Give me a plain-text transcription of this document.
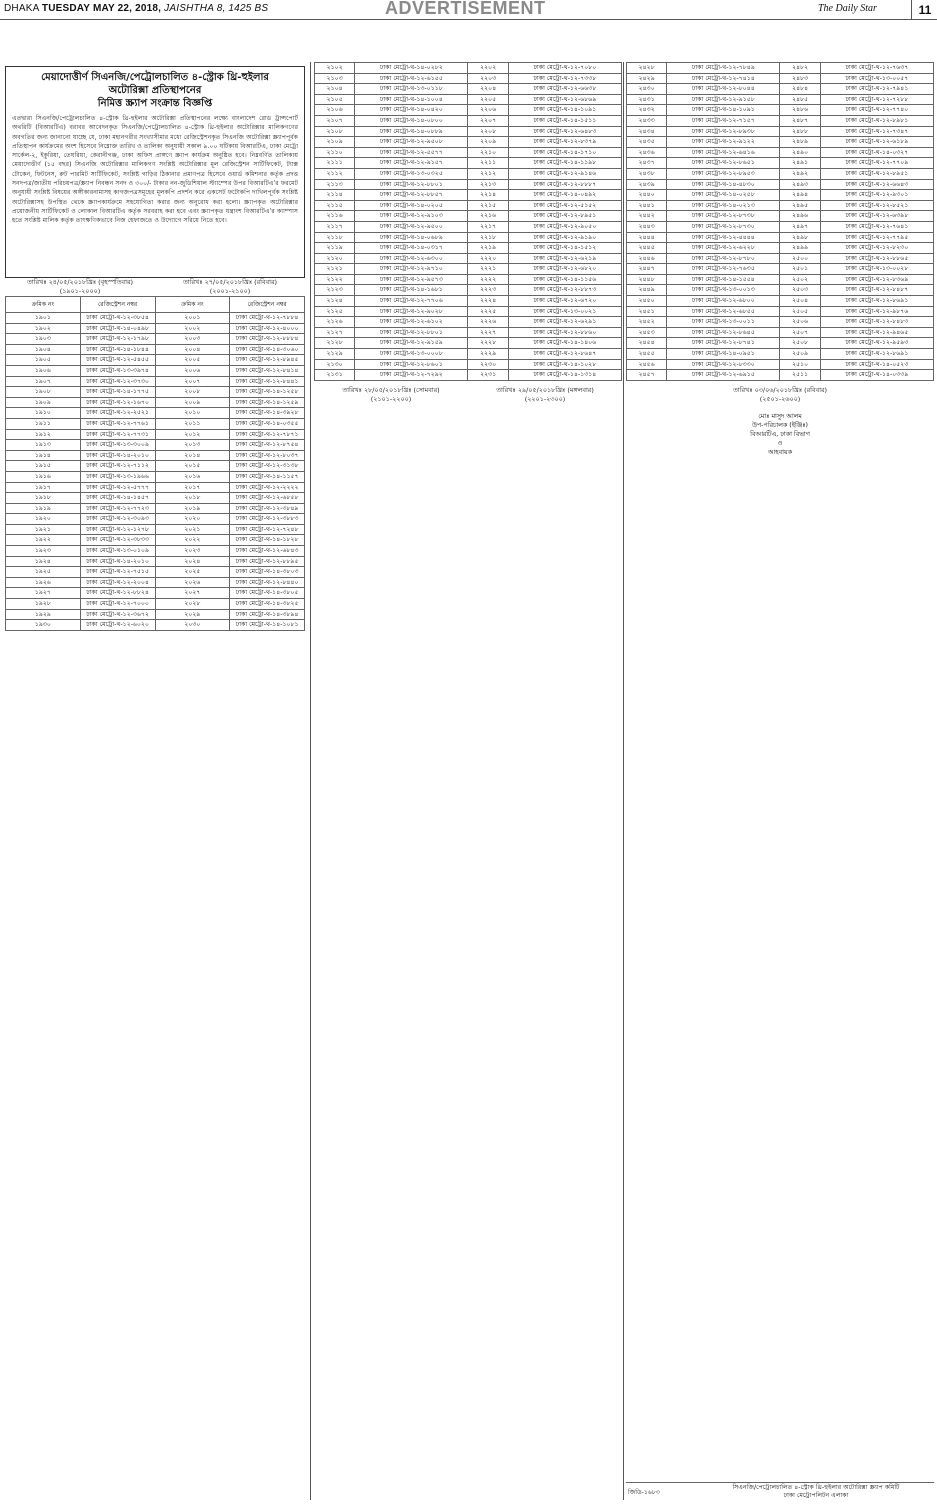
DHAKA TUESDAY MAY 22, 2018, JAISHTHA 8, 1425 BS	ADVERTISEMENT	The Daily Star	11
মেয়াদোত্তীর্ণ সিএনজি/পেট্রোলচালিত ৪-স্ট্রোক থ্রি-হুইলার
অটোরিক্সা প্রতিস্থাপনের
নিমিত্ত স্ক্র্যাপ সংক্রান্ত বিজ্ঞপ্তি
এতদ্বারা সিএনজি/পেট্রোলচালিত ৪-স্ট্রোক থ্রি-হুইলার অটোরিক্সা প্রতিস্থাপনের লক্ষ্যে বাংলাদেশ রোড ট্রান্সপোর্ট অথরিটি (বিআরটিএ) বরাবর আবেদনকৃত সিএনজি/পেট্রোলচালিত ৪-স্ট্রোক থ্রি-হুইলার অটোরিক্সার মালিকগণের অবগতির জন্য জানানো যাচ্ছে যে, ঢাকা মহানগরীর সংখ্যাসীমার মধ্যে রেজিস্ট্রেশনকৃত সিএনজি অটোরিক্সা স্ক্র্যাপপূর্বক প্রতিস্থাপন কার্যক্রমের অংশ হিসেবে নিম্নোক্ত তারিখ ও তালিকা অনুযায়ী সকাল ৯.০০ ঘটিকায় বিআরটিএ, ঢাকা মেট্রো সার্কেল-২, ইকুরিয়া, তেঘরিয়া, কেরানীগঞ্জ, ঢাকা অফিস প্রাঙ্গণে স্ক্র্যাপ কার্যক্রম অনুষ্ঠিত হবে। নিম্নবর্ণিত তালিকায় মেয়াদোত্তীর্ণ (১৫ বছর) সিএনজি অটোরিক্সার মালিকগণ সংশ্লিষ্ট অটোরিক্সার মূল রেজিস্ট্রেশন সার্টিফিকেট, ট্যাক্স টোকেন, ফিটনেস, রুট পারমিট সার্টিফিকেট, সংশ্লিষ্ট গাড়ির ঠিকানার প্রমাণপত্র হিসেবে ওয়ার্ড কমিশনার কর্তৃক প্রদত্ত সনদপত্র/জাতীয় পরিচয়পত্র/স্ক্র্যাপ নিবন্ধন সনদ ও ৩০০/- টাকার নন-জুডিশিয়াল স্ট্যাম্পের উপর বিআরটিএ'র ফরমেট অনুযায়ী সংশ্লিষ্ট বিষয়ের অঙ্গীকারনামাসহ কাগজপত্রসমূহের মূলকপি প্রদর্শন করে একসেট ফটোকপি দাখিলপূর্বক সংশ্লিষ্ট অটোরিক্সাসহ উপস্থিত থেকে স্ক্র্যাপকার্যক্রমে সহযোগিতা করার জন্য অনুরোধ করা হলো। স্ক্র্যাপকৃত অটোরিক্সার প্রয়োজনীয় সার্টিফিকেট ও লোকাল বিআরটিএ কর্তৃক সরবরাহ করা হবে এবং স্ক্র্যাপকৃত যন্ত্রাংশ বিআরটিএ'র ক্যাম্পাস হতে সংশ্লিষ্ট মালিক কর্তৃক তাৎক্ষণিকভাবে নিজ হেফাজতে ও উদ্যোগে সরিয়ে নিতে হবে।
তারিখঃ ২৪/০৫/২০১৮খ্রিঃ (বৃহস্পতিবার)	তারিখঃ ২৭/০৫/২০১৮খ্রিঃ (রবিবার)
(১৯০১-২০০০)	(২০০১-২১০০)
ক্রমিক নং	রেজিস্ট্রেশন নম্বর	ক্রমিক নং	রেজিস্ট্রেশন নম্বর
১৯০১	ঢাকা মেট্রো-থ-১২-৩৮৫৪	২০০১	ঢাকা মেট্রো-থ-১২-৭৮৮৪
১৯০২	ঢাকা মেট্রো-থ-১৪-০৪৯৮	২০০২	ঢাকা মেট্রো-থ-১২-৪০০০
১৯০৩	ঢাকা মেট্রো-থ-১২-১৭৯৮	২০০৩	ঢাকা মেট্রো-থ-১২-৮৮৮৪
১৯০৪	ঢাকা মেট্রো-থ-১৪-১৮৪৪	২০০৪	ঢাকা মেট্রো-থ-১৪-৩০৬০
১৯০৫	ঢাকা মেট্রো-থ-১২-৫৪৫৫	২০০৫	ঢাকা মেট্রো-থ-১২-৮৯৪৫
১৯০৬	ঢাকা মেট্রো-থ-১৩-৩৯৭৪	২০০৬	ঢাকা মেট্রো-থ-১২-৮৪১৪
১৯০৭	ঢাকা মেট্রো-থ-১২-৩৭৩০	২০০৭	ঢাকা মেট্রো-থ-১২-৮৪৪১
১৯০৮	ঢাকা মেট্রো-থ-১৪-১৭৭৫	২০০৮	ঢাকা মেট্রো-থ-১৪-১২৫৮
১৯০৯	ঢাকা মেট্রো-থ-১২-১৬৭০	২০০৯	ঢাকা মেট্রো-থ-১৪-১২৫৯
১৯১০	ঢাকা মেট্রো-থ-১২-২৫২১	২০১০	ঢাকা মেট্রো-থ-১৪-৩৯২৮
১৯১১	ঢাকা মেট্রো-থ-১২-৭৭৬১	২০১১	ঢাকা মেট্রো-থ-১৪-০৩৫৫
১৯১২	ঢাকা মেট্রো-থ-১২-৭৭৩১	২০১২	ঢাকা মেট্রো-থ-১২-৭৮৭১
১৯১৩	ঢাকা মেট্রো-থ-১৩-৩০০৯	২০১৩	ঢাকা মেট্রো-থ-১২-৮৭৫৪
১৯১৪	ঢাকা মেট্রো-থ-১৪-২০১০	২০১৪	ঢাকা মেট্রো-থ-১২-৮০৩৭
১৯১৫	ঢাকা মেট্রো-থ-১২-৭১১২	২০১৫	ঢাকা মেট্রো-থ-১২-৩১৩৮
১৯১৬	ঢাকা মেট্রো-থ-১৩-১৯৬৬	২০১৬	ঢাকা মেট্রো-থ-১৪-১১৫৭
১৯১৭	ঢাকা মেট্রো-থ-১২-৫৭৭৭	২০১৭	ঢাকা মেট্রো-থ-১২-২২২২
১৯১৮	ঢাকা মেট্রো-থ-১৪-১৪৫৭	২০১৮	ঢাকা মেট্রো-থ-১২-৬৮৫৮
১৯১৯	ঢাকা মেট্রো-থ-১২-৭৭২৩	২০১৯	ঢাকা মেট্রো-থ-১২-৩৮৪৯
১৯২০	ঢাকা মেট্রো-থ-১২-৩০৯৩	২০২০	ঢাকা মেট্রো-থ-১২-৩৮৮৩
১৯২১	ঢাকা মেট্রো-থ-১২-১২৭৮	২০২১	ঢাকা মেট্রো-থ-১২-৭২৪৮
১৯২২	ঢাকা মেট্রো-থ-১২-৩৮৩৩	২০২২	ঢাকা মেট্রো-থ-১৪-১৮২৮
১৯২৩	ঢাকা মেট্রো-থ-১৩-০১০৯	২০২৩	ঢাকা মেট্রো-থ-১২-৬৮৪৩
১৯২৪	ঢাকা মেট্রো-থ-১৪-২০১০	২০২৪	ঢাকা মেট্রো-থ-১২-৮৮৯৫
১৯২৫	ঢাকা মেট্রো-থ-১২-৭৫১৫	২০২৫	ঢাকা মেট্রো-থ-১৪-৩৮০৩
১৯২৬	ঢাকা মেট্রো-থ-১২-২০০৪	২০২৬	ঢাকা মেট্রো-থ-১২-৮৪৪০
১৯২৭	ঢাকা মেট্রো-থ-১২-৮৮২৪	২০২৭	ঢাকা মেট্রো-থ-১৪-৩৮০৫
১৯২৮	ঢাকা মেট্রো-থ-১২-৭০০০	২০২৮	ঢাকা মেট্রো-থ-১৪-৩৮২৫
১৯২৯	ঢাকা মেট্রো-থ-১২-৩৬৭২	২০২৯	ঢাকা মেট্রো-থ-১৪-৩৮৯৪
১৯৩০	ঢাকা মেট্রো-থ-১২-৬০২০	২০৩০	ঢাকা মেট্রো-থ-১৪-১০৮১
২১০২	ঢাকা মেট্রো-থ-১৪-০২৮২	২২০২	ঢাকা মেট্রো-থ-১২-৭০৮০
২১০৩	ঢাকা মেট্রো-থ-১২-৬১৫৫	২২০৩	ঢাকা মেট্রো-থ-১২-৭৩৩৮
২১০৪	ঢাকা মেট্রো-থ-১৩-০১১৮	২২০৪	ঢাকা মেট্রো-থ-১২-৬৬৩৮
২১০৫	ঢাকা মেট্রো-থ-১৪-১০০৪	২২০৫	ঢাকা মেট্রো-থ-১২-৬৮৬৯
২১০৬	ঢাকা মেট্রো-থ-১৪-০৪২০	২২০৬	ঢাকা মেট্রো-থ-১৪-১০৯১
২১০৭	ঢাকা মেট্রো-থ-১৪-০৮০০	২২০৭	ঢাকা মেট্রো-থ-১৪-১৫১১
২১০৮	ঢাকা মেট্রো-থ-১৪-০৮৮৯	২২০৮	ঢাকা মেট্রো-থ-১২-৬৪৮৩
২১০৯	ঢাকা মেট্রো-থ-১২-৯৫০৮	২২০৯	ঢাকা মেট্রো-থ-১২-৮৩৭৯
২১১০	ঢাকা মেট্রো-থ-১২-৫৫৭৭	২২১০	ঢাকা মেট্রো-থ-১৪-১৭১০
২১১১	ঢাকা মেট্রো-থ-১২-৯১৫৭	২২১১	ঢাকা মেট্রো-থ-১৪-১১৯৮
২১১২	ঢাকা মেট্রো-থ-১৩-০৩২৫	২২১২	ঢাকা মেট্রো-থ-১২-৯১৪৬
২১১৩	ঢাকা মেট্রো-থ-১২-৮৮০১	২২১৩	ঢাকা মেট্রো-থ-১২-৮৮৮৭
২১১৪	ঢাকা মেট্রো-থ-১২-৮৮৫৭	২২১৪	ঢাকা মেট্রো-থ-১৪-০৪৯২
২১১৫	ঢাকা মেট্রো-থ-১৪-০২০৫	২২১৫	ঢাকা মেট্রো-থ-১২-৫১৫২
২১১৬	ঢাকা মেট্রো-থ-১২-৯১০৩	২২১৬	ঢাকা মেট্রো-থ-১২-৮৯৫১
২১১৭	ঢাকা মেট্রো-থ-১২-৯৫০০	২২১৭	ঢাকা মেট্রো-থ-১২-৯০৫০
২১১৮	ঢাকা মেট্রো-থ-১৪-০৬৮৯	২২১৮	ঢাকা মেট্রো-থ-১২-৯১৯০
২১১৯	ঢাকা মেট্রো-থ-১৪-০৩১৭	২২১৯	ঢাকা মেট্রো-থ-১৪-১৫১২
২১২০	ঢাকা মেট্রো-থ-১২-৬৩০০	২২২০	ঢাকা মেট্রো-থ-১২-৬২১৯
২১২১	ঢাকা মেট্রো-থ-১২-৯৭১০	২২২১	ঢাকা মেট্রো-থ-১২-৬৮২০
২১২২	ঢাকা মেট্রো-থ-১২-৯৫৭৩	২২২২	ঢাকা মেট্রো-থ-১৪-১১৫৬
২১২৩	ঢাকা মেট্রো-থ-১৪-১৬৮১	২২২৩	ঢাকা মেট্রো-থ-১২-৮৮৭৩
২১২৪	ঢাকা মেট্রো-থ-১২-৭৭০৬	২২২৪	ঢাকা মেট্রো-থ-১২-৬৭২০
২১২৫	ঢাকা মেট্রো-থ-১২-৯০২৮	২২২৫	ঢাকা মেট্রো-থ-১৩-০০২১
২১২৬	ঢাকা মেট্রো-থ-১২-৬১০২	২২২৬	ঢাকা মেট্রো-থ-১২-৬২৯১
২১২৭	ঢাকা মেট্রো-থ-১২-৮৮০১	২২২৭	ঢাকা মেট্রো-থ-১২-৮৮৬০
২১২৮	ঢাকা মেট্রো-থ-১২-৯১৫৯	২২২৮	ঢাকা মেট্রো-থ-১৪-১৪০৬
২১২৯	ঢাকা মেট্রো-থ-১৩-০০০৮	২২২৯	ঢাকা মেট্রো-থ-১২-৮৬৪৭
২১৩০	ঢাকা মেট্রো-থ-১২-৮৬০১	২২৩০	ঢাকা মেট্রো-থ-১৪-১০২৮
২১৩১	ঢাকা মেট্রো-থ-১২-৭২৯২	২২৩১	ঢাকা মেট্রো-থ-১৪-১৩১৪
তারিখঃ ২৮/০৫/২০১৮খ্রিঃ (সোমবার)	তারিখঃ ২৯/০৫/২০১৮খ্রিঃ (মঙ্গলবার)
(২১০১-২২০০)	(২২০১-২৩০০)
২৪২৮	ঢাকা মেট্রো-থ-১২-৭৮৪৯	২৪৮২	ঢাকা মেট্রো-থ-১২-৭৬৩৭
২৪২৯	ঢাকা মেট্রো-থ-১২-৭৪১৪	২৪৮৩	ঢাকা মেট্রো-থ-১৩-০০৫৭
২৪৩০	ঢাকা মেট্রো-থ-১২-৮০৪৪	২৪৮৪	ঢাকা মেট্রো-থ-১২-৭৯৪১
২৪৩১	ঢাকা মেট্রো-থ-১২-৯১৫৮	২৪৮৫	ঢাকা মেট্রো-থ-১২-৭২৮৮
২৪৩২	ঢাকা মেট্রো-থ-১৪-১০৯১	২৪৮৬	ঢাকা মেট্রো-থ-১২-৭৭৪০
২৪৩৩	ঢাকা মেট্রো-থ-১২-৭১৫৭	২৪৮৭	ঢাকা মেট্রো-থ-১২-৮৯৮১
২৪৩৪	ঢাকা মেট্রো-থ-১২-৮৯৩৮	২৪৮৮	ঢাকা মেট্রো-থ-১২-৭৩৪৭
২৪৩৫	ঢাকা মেট্রো-থ-১২-৯১২২	২৪৮৯	ঢাকা মেট্রো-থ-১২-৬১৮৯
২৪৩৬	ঢাকা মেট্রো-থ-১২-৬৪১৬	২৪৯০	ঢাকা মেট্রো-থ-১৪-০৩২৭
২৪৩৭	ঢাকা মেট্রো-থ-১২-৮৬৫১	২৪৯১	ঢাকা মেট্রো-থ-১২-৭৭০৯
২৪৩৮	ঢাকা মেট্রো-থ-১২-৮৯৫৩	২৪৯২	ঢাকা মেট্রো-থ-১২-৮৯৫১
২৪৩৯	ঢাকা মেট্রো-থ-১৪-৪৮৩০	২৪৯৩	ঢাকা মেট্রো-থ-১২-৬৬৪৩
২৪৪০	ঢাকা মেট্রো-থ-১৪-০২৫৮	২৪৯৪	ঢাকা মেট্রো-থ-১২-৯৩০১
২৪৪১	ঢাকা মেট্রো-থ-১৪-০২১৩	২৪৯৫	ঢাকা মেট্রো-থ-১২-৮৫২১
২৪৪২	ঢাকা মেট্রো-থ-১২-৮৭৩৮	২৪৯৬	ঢাকা মেট্রো-থ-১২-৬৩৯৮
২৪৪৩	ঢাকা মেট্রো-থ-১২-৮৭৩০	২৪৯৭	ঢাকা মেট্রো-থ-১২-৭৬৪১
২৪৪৪	ঢাকা মেট্রো-থ-১২-৪৪৪৪	২৪৯৮	ঢাকা মেট্রো-থ-১২-৭৭৯৫
২৪৪৫	ঢাকা মেট্রো-থ-১২-৬২২৮	২৪৯৯	ঢাকা মেট্রো-থ-১২-৮২৩০
২৪৪৬	ঢাকা মেট্রো-থ-১২-৮৭৮০	২৫০০	ঢাকা মেট্রো-থ-১২-৮৮৬৫
২৪৪৭	ঢাকা মেট্রো-থ-১২-৭৬৩৫	২৫০১	ঢাকা মেট্রো-থ-১৩-০০২৮
২৪৪৮	ঢাকা মেট্রো-থ-১৪-১৫৫৪	২৫০২	ঢাকা মেট্রো-থ-১২-৮৩৬৯
২৪৪৯	ঢাকা মেট্রো-থ-১৩-০০১৩	২৫০৩	ঢাকা মেট্রো-থ-১২-৮৪৮৭
২৪৫০	ঢাকা মেট্রো-থ-১২-৬৮০০	২৫০৪	ঢাকা মেট্রো-থ-১২-৮৬৯১
২৪৫১	ঢাকা মেট্রো-থ-১২-৬৮৫৫	২৫০৫	ঢাকা মেট্রো-থ-১২-৯৮৭৬
২৪৫২	ঢাকা মেট্রো-থ-১৩-০০১১	২৫০৬	ঢাকা মেট্রো-থ-১২-৮৪৮৩
২৪৫৩	ঢাকা মেট্রো-থ-১২-৮৬৪৫	২৫০৭	ঢাকা মেট্রো-থ-১২-৯৪৬৫
২৪৫৪	ঢাকা মেট্রো-থ-১২-৮৭৪১	২৫০৮	ঢাকা মেট্রো-থ-১২-৯৫৯৩
২৪৫৫	ঢাকা মেট্রো-থ-১৪-০৯৫১	২৫০৯	ঢাকা মেট্রো-থ-১২-৮৬৯১
২৪৫৬	ঢাকা মেট্রো-থ-১২-৮৩৩০	২৫১০	ঢাকা মেট্রো-থ-১৪-০৫২৩
২৪৫৭	ঢাকা মেট্রো-থ-১২-৬৯১৫	২৫১১	ঢাকা মেট্রো-থ-১৪-০৩৩৯
তারিখঃ ০৩/০৬/২০১৮খ্রিঃ (রবিবার)
(২৫০১-২৬০০)
মোঃ মাসুদ আলম
উপ-পরিচালক (ইঞ্জিঃ)
বিআরটিএ, ঢাকা বিভাগ
ও
আহবায়ক
জিডি-১৬৮৩
সিএনজি/পেট্রোলচালিত ৪-স্ট্রোক থ্রি-হুইলার অটোরিক্সা স্ক্র্যাপ কমিটি
ঢাকা মেট্রোপলিটন এলাকা
